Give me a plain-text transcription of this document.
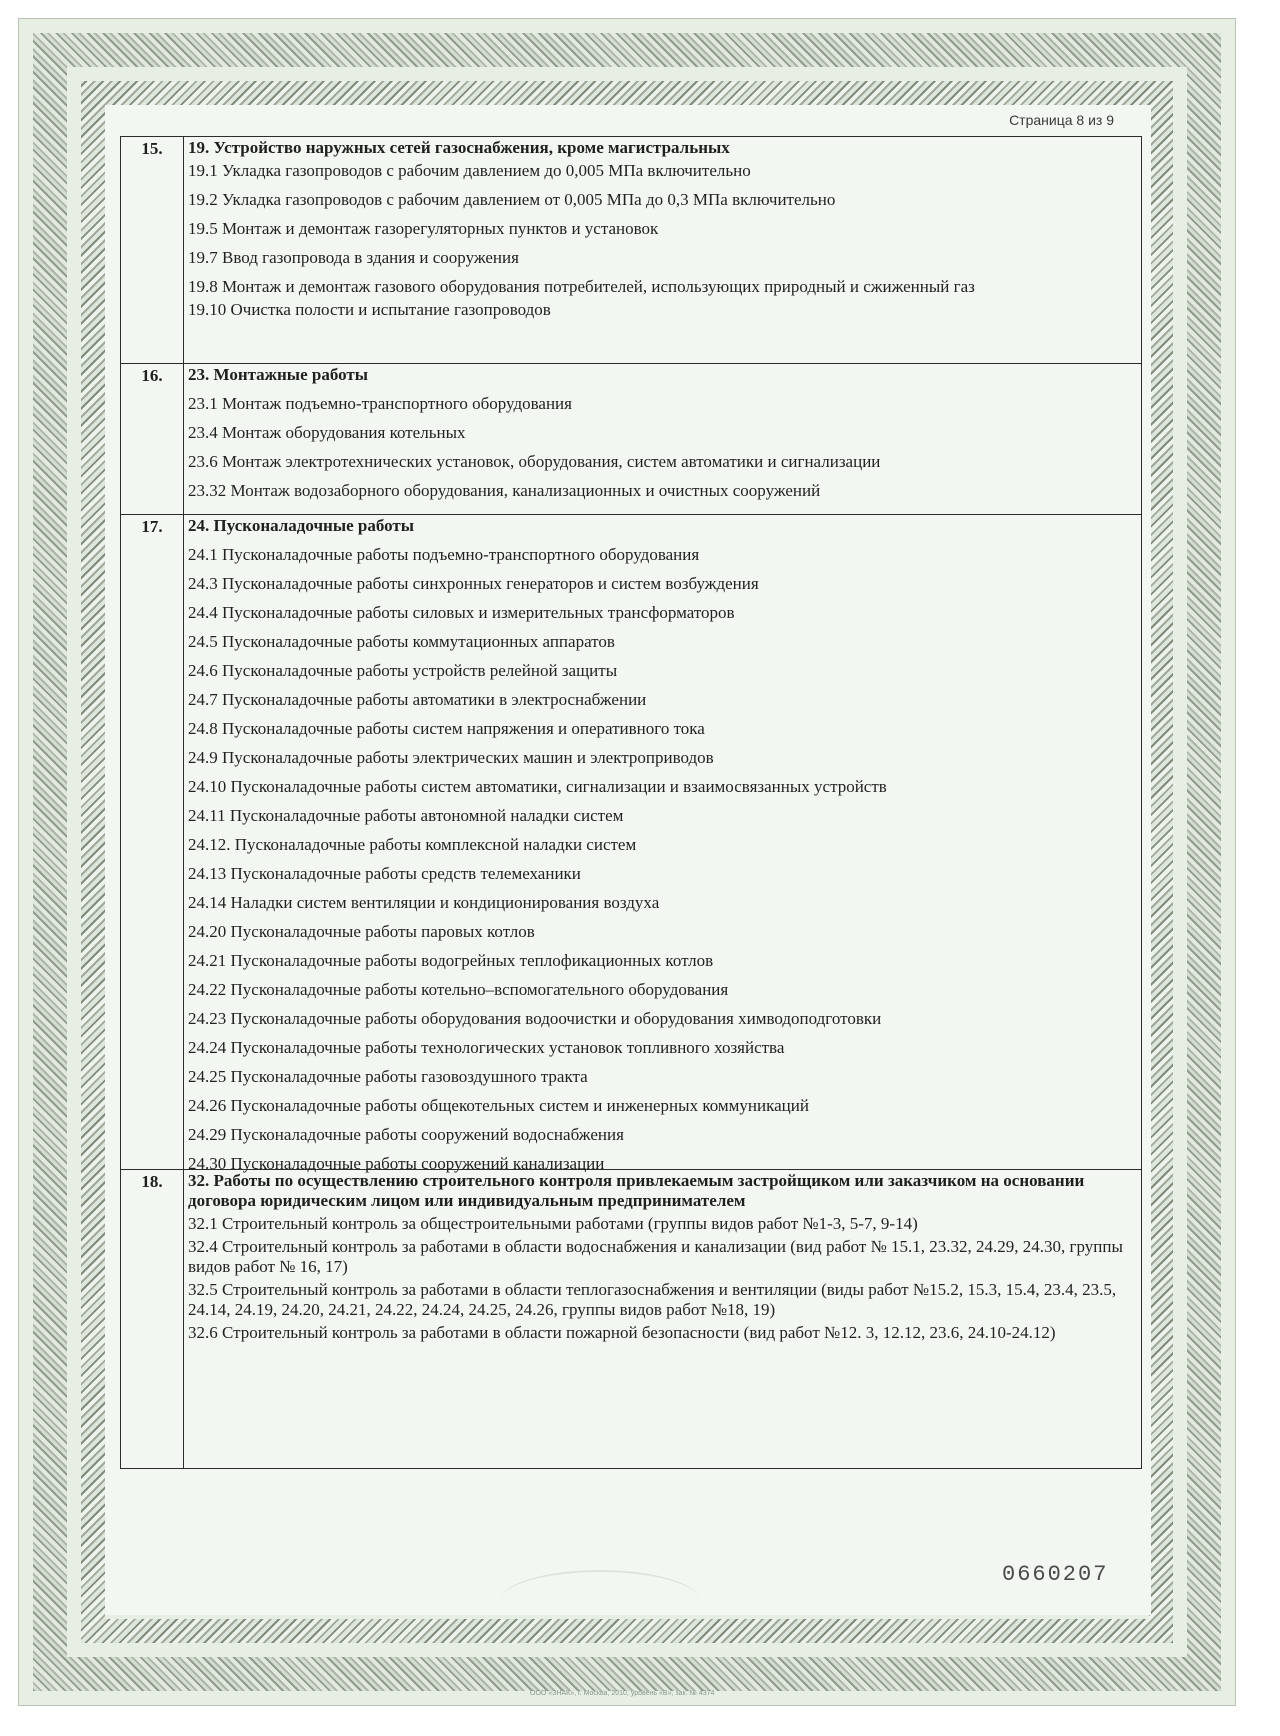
Страница 8 из 9
15.	19. Устройство наружных сетей газоснабжения, кроме магистральных
19.1 Укладка газопроводов с рабочим давлением до 0,005 МПа включительно
19.2 Укладка газопроводов с рабочим давлением от 0,005 МПа до 0,3 МПа включительно
19.5 Монтаж и демонтаж газорегуляторных пунктов и установок
19.7 Ввод газопровода в здания и сооружения
19.8 Монтаж и демонтаж газового оборудования потребителей, использующих природный и сжиженный газ
19.10 Очистка полости и испытание газопроводов
16.	23. Монтажные работы
23.1 Монтаж подъемно-транспортного оборудования
23.4 Монтаж оборудования котельных
23.6 Монтаж электротехнических установок, оборудования, систем автоматики и сигнализации
23.32 Монтаж водозаборного оборудования, канализационных и очистных сооружений
17.	24. Пусконаладочные работы
24.1 Пусконаладочные работы подъемно-транспортного оборудования
24.3 Пусконаладочные работы синхронных генераторов и систем возбуждения
24.4 Пусконаладочные работы силовых и измерительных трансформаторов
24.5 Пусконаладочные работы коммутационных аппаратов
24.6 Пусконаладочные работы устройств релейной защиты
24.7 Пусконаладочные работы автоматики в электроснабжении
24.8 Пусконаладочные работы систем напряжения и оперативного тока
24.9 Пусконаладочные работы электрических машин и электроприводов
24.10 Пусконаладочные работы систем автоматики, сигнализации и взаимосвязанных устройств
24.11 Пусконаладочные работы автономной наладки систем
24.12. Пусконаладочные работы комплексной наладки систем
24.13 Пусконаладочные работы средств телемеханики
24.14 Наладки систем вентиляции и кондиционирования воздуха
24.20 Пусконаладочные работы паровых котлов
24.21 Пусконаладочные работы водогрейных теплофикационных котлов
24.22 Пусконаладочные работы котельно–вспомогательного оборудования
24.23 Пусконаладочные работы оборудования водоочистки и оборудования химводоподготовки
24.24 Пусконаладочные работы технологических установок топливного хозяйства
24.25 Пусконаладочные работы газовоздушного тракта
24.26 Пусконаладочные работы общекотельных систем и инженерных коммуникаций
24.29 Пусконаладочные работы сооружений водоснабжения
24.30 Пусконаладочные работы сооружений канализации
18.	32. Работы по осуществлению строительного контроля привлекаемым застройщиком или заказчиком на основании договора юридическим лицом или индивидуальным предпринимателем
32.1 Строительный контроль за общестроительными работами (группы видов работ №1-3, 5-7, 9-14)
32.4 Строительный контроль за работами в области водоснабжения и канализации (вид работ № 15.1, 23.32, 24.29, 24.30, группы видов работ № 16, 17)
32.5 Строительный контроль за работами в области теплогазоснабжения и вентиляции (виды работ №15.2, 15.3, 15.4, 23.4, 23.5, 24.14, 24.19, 24.20, 24.21, 24.22, 24.24, 24.25, 24.26, группы видов работ №18, 19)
32.6 Строительный контроль за работами в области пожарной безопасности (вид работ №12. 3, 12.12, 23.6, 24.10-24.12)
0660207
ООО «ЗНАК», г. Москва, 2010, уровень «В», зак. № 4374
